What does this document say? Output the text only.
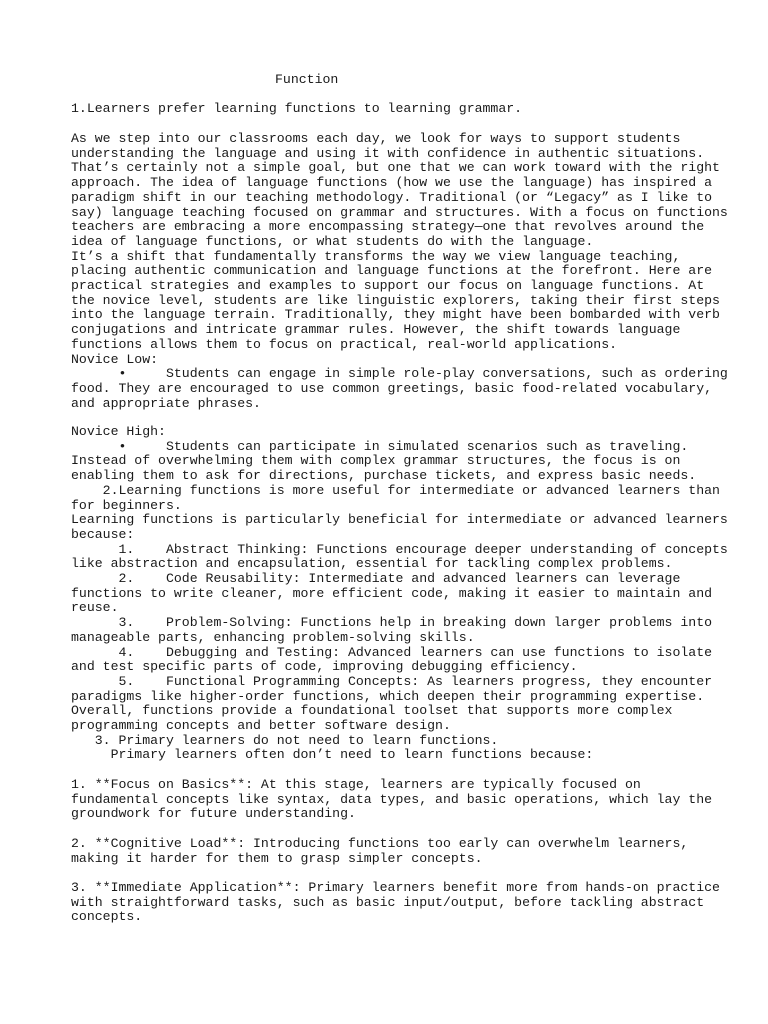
Function
1.Learners prefer learning functions to learning grammar.
As we step into our classrooms each day, we look for ways to support students
understanding the language and using it with confidence in authentic situations.
That’s certainly not a simple goal, but one that we can work toward with the right
approach. The idea of language functions (how we use the language) has inspired a
paradigm shift in our teaching methodology. Traditional (or “Legacy” as I like to
say) language teaching focused on grammar and structures. With a focus on functions
teachers are embracing a more encompassing strategy—one that revolves around the
idea of language functions, or what students do with the language.
It’s a shift that fundamentally transforms the way we view language teaching,
placing authentic communication and language functions at the forefront. Here are
practical strategies and examples to support our focus on language functions. At
the novice level, students are like linguistic explorers, taking their first steps
into the language terrain. Traditionally, they might have been bombarded with verb
conjugations and intricate grammar rules. However, the shift towards language
functions allows them to focus on practical, real-world applications.
Novice Low:
•     Students can engage in simple role-play conversations, such as ordering
food. They are encouraged to use common greetings, basic food-related vocabulary,
and appropriate phrases.
Novice High:
•     Students can participate in simulated scenarios such as traveling.
Instead of overwhelming them with complex grammar structures, the focus is on
enabling them to ask for directions, purchase tickets, and express basic needs.
2.Learning functions is more useful for intermediate or advanced learners than
for beginners.
Learning functions is particularly beneficial for intermediate or advanced learners
because:
1.    Abstract Thinking: Functions encourage deeper understanding of concepts
like abstraction and encapsulation, essential for tackling complex problems.
2.    Code Reusability: Intermediate and advanced learners can leverage
functions to write cleaner, more efficient code, making it easier to maintain and
reuse.
3.    Problem-Solving: Functions help in breaking down larger problems into
manageable parts, enhancing problem-solving skills.
4.    Debugging and Testing: Advanced learners can use functions to isolate
and test specific parts of code, improving debugging efficiency.
5.    Functional Programming Concepts: As learners progress, they encounter
paradigms like higher-order functions, which deepen their programming expertise.
Overall, functions provide a foundational toolset that supports more complex
programming concepts and better software design.
3. Primary learners do not need to learn functions.
Primary learners often don’t need to learn functions because:
1. **Focus on Basics**: At this stage, learners are typically focused on
fundamental concepts like syntax, data types, and basic operations, which lay the
groundwork for future understanding.
2. **Cognitive Load**: Introducing functions too early can overwhelm learners,
making it harder for them to grasp simpler concepts.
3. **Immediate Application**: Primary learners benefit more from hands-on practice
with straightforward tasks, such as basic input/output, before tackling abstract
concepts.
